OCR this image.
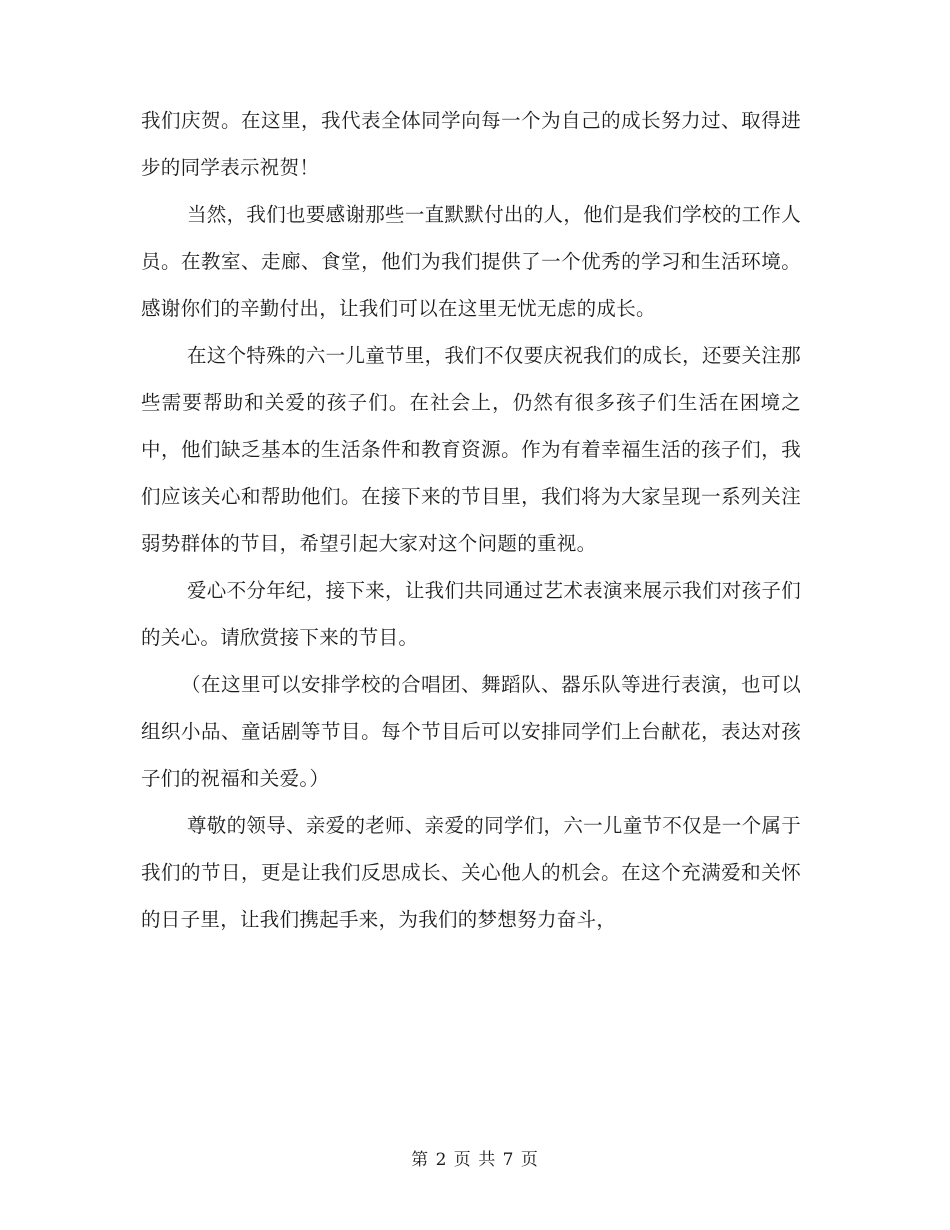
我们庆贺。在这里，我代表全体同学向每一个为自己的成长努力过、取得进步的同学表示祝贺！

当然，我们也要感谢那些一直默默付出的人，他们是我们学校的工作人员。在教室、走廊、食堂，他们为我们提供了一个优秀的学习和生活环境。感谢你们的辛勤付出，让我们可以在这里无忧无虑的成长。

在这个特殊的六一儿童节里，我们不仅要庆祝我们的成长，还要关注那些需要帮助和关爱的孩子们。在社会上，仍然有很多孩子们生活在困境之中，他们缺乏基本的生活条件和教育资源。作为有着幸福生活的孩子们，我们应该关心和帮助他们。在接下来的节目里，我们将为大家呈现一系列关注弱势群体的节目，希望引起大家对这个问题的重视。

爱心不分年纪，接下来，让我们共同通过艺术表演来展示我们对孩子们的关心。请欣赏接下来的节目。

（在这里可以安排学校的合唱团、舞蹈队、器乐队等进行表演，也可以组织小品、童话剧等节目。每个节目后可以安排同学们上台献花，表达对孩子们的祝福和关爱。）

尊敬的领导、亲爱的老师、亲爱的同学们，六一儿童节不仅是一个属于我们的节日，更是让我们反思成长、关心他人的机会。在这个充满爱和关怀的日子里，让我们携起手来，为我们的梦想努力奋斗，

第 2 页 共 7 页
